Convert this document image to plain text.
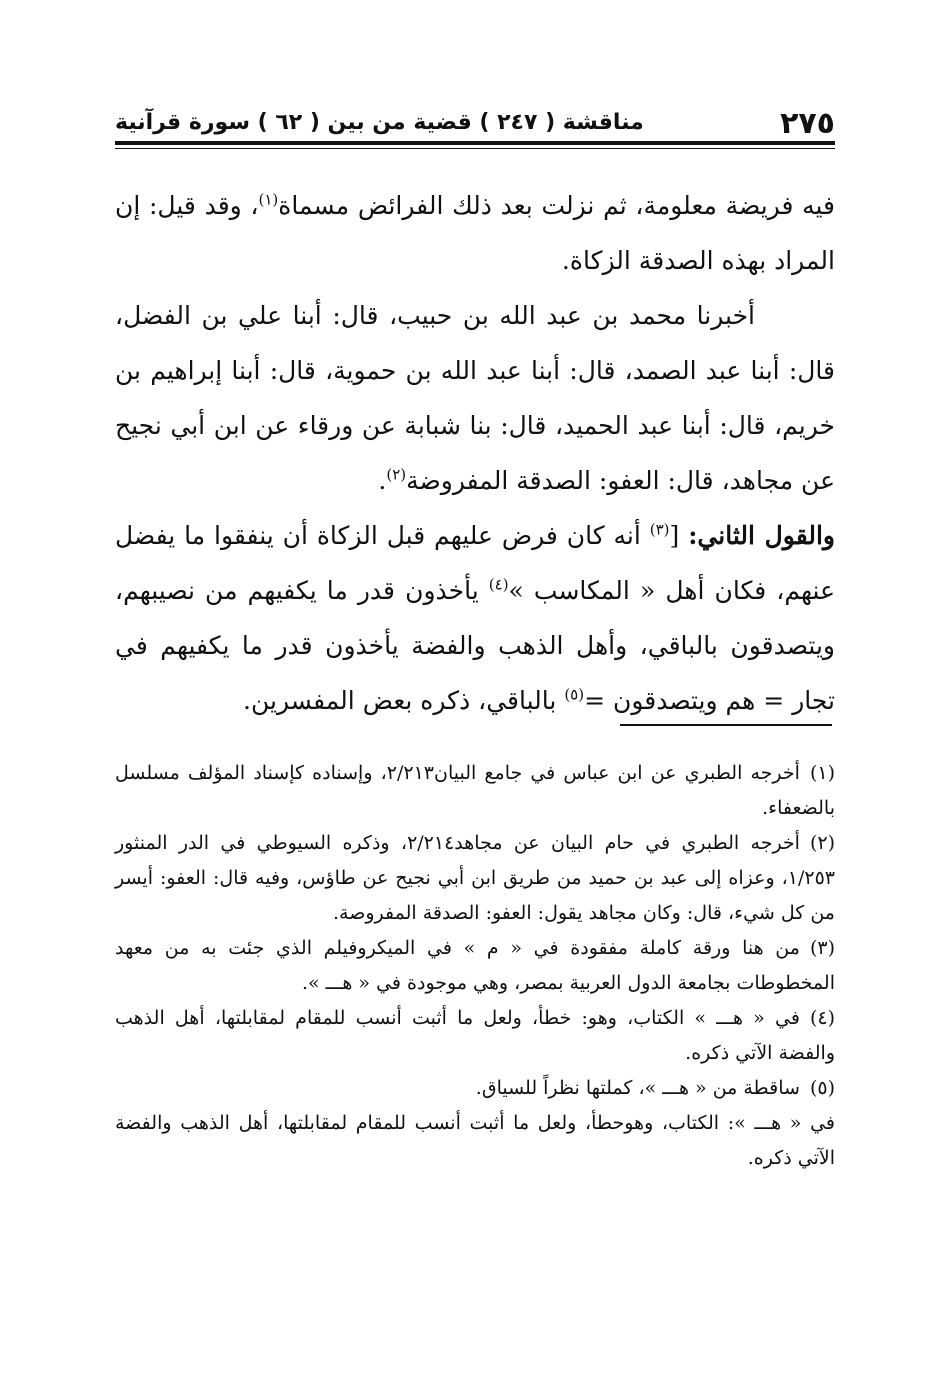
٢٧٥
مناقشة ( ٢٤٧ ) قضية من بين ( ٦٢ ) سورة قرآنية

فيه فريضة معلومة، ثم نزلت بعد ذلك الفرائض مسماة$^{(١)}$، وقد قيل: إن المراد بهذه الصدقة الزكاة.

أخبرنا محمد بن عبد الله بن حبيب، قال: أبنا علي بن الفضل، قال: أبنا عبد الصمد، قال: أبنا عبد الله بن حموية، قال: أبنا إبراهيم بن خريم، قال: أبنا عبد الحميد، قال: بنا شبابة عن ورقاء عن ابن أبي نجيح عن مجاهد، قال: العفو: الصدقة المفروضة$^{(٢)}$.

والقول الثاني: [$^{(٣)}$ أنه كان فرض عليهم قبل الزكاة أن ينفقوا ما يفضل عنهم، فكان أهل « المكاسب »$^{(٤)}$ يأخذون قدر ما يكفيهم من نصيبهم، ويتصدقون بالباقي، وأهل الذهب والفضة يأخذون قدر ما يكفيهم في تجار = هم ويتصدقون =$^{(٥)}$ بالباقي، ذكره بعض المفسرين.

(١)أخرجه الطبري عن ابن عباس في جامع البيان٢/٢١٣، وإسناده كإسناد المؤلف مسلسل بالضعفاء.

(٢)أخرجه الطبري في حام البيان عن مجاهد٢/٢١٤، وذكره السيوطي في الدر المنثور ١/٢٥٣، وعزاه إلى عبد بن حميد من طريق ابن أبي نجيح عن طاؤس، وفيه قال: العفو: أيسر من كل شيء، قال: وكان مجاهد يقول: العفو: الصدقة المفروصة.

(٣)من هنا ورقة كاملة مفقودة في « م » في الميكروفيلم الذي جئت به من معهد المخطوطات بجامعة الدول العربية بمصر، وهي موجودة في « هـــ ».

(٤)في « هـــ » الكتاب، وهو: خطأ، ولعل ما أثبت أنسب للمقام لمقابلتها، أهل الذهب والفضة الآتي ذكره.

(٥)ساقطة من « هـــ »، كملتها نظراً للسياق.

في « هـــ »: الكتاب، وهوحطأ، ولعل ما أثبت أنسب للمقام لمقابلتها، أهل الذهب والفضة الآتي ذكره.
